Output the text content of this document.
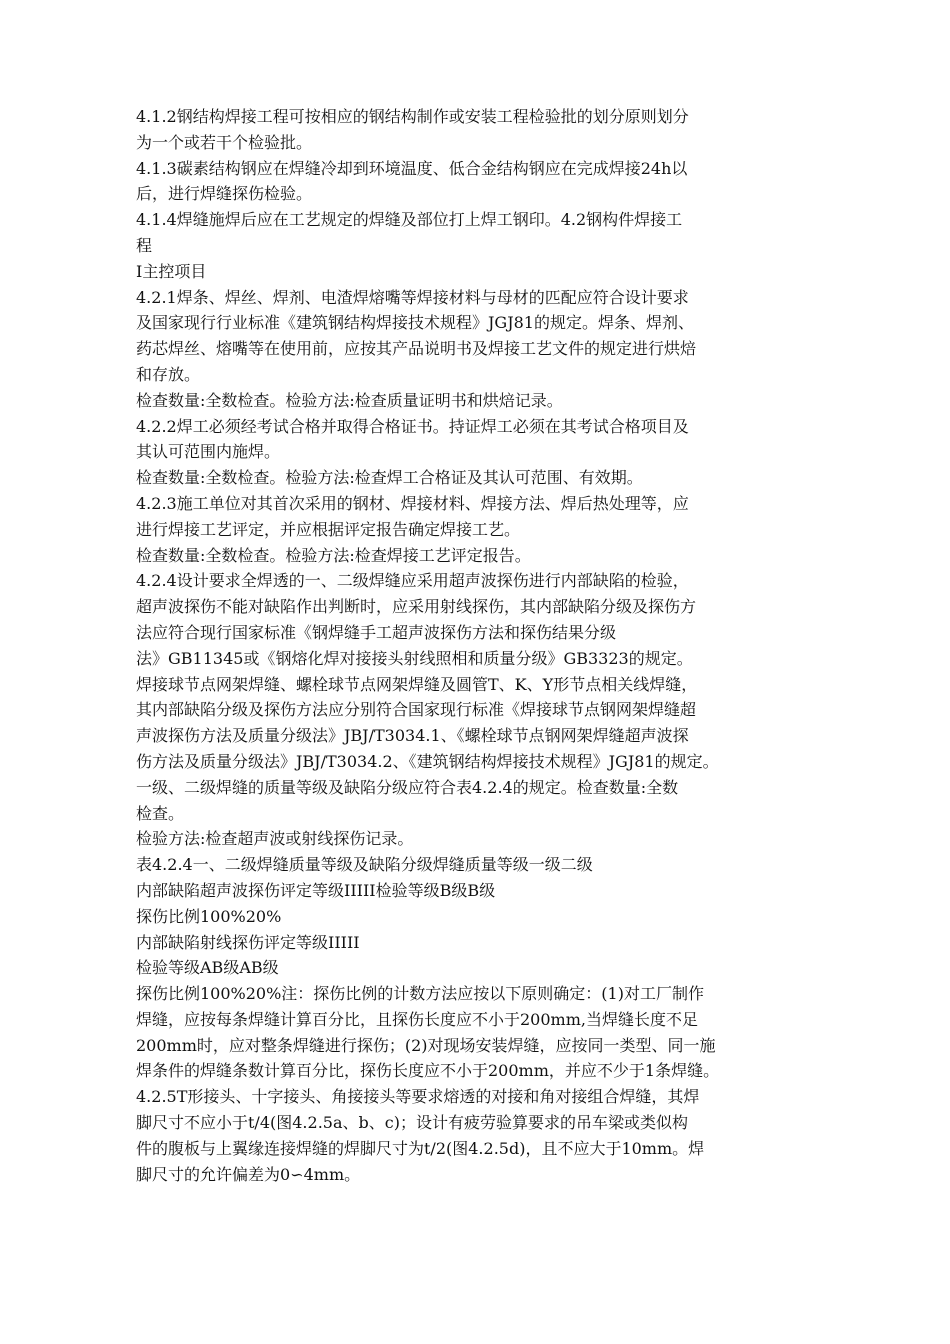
4.1.2钢结构焊接工程可按相应的钢结构制作或安装工程检验批的划分原则划分

为一个或若干个检验批。

4.1.3碳素结构钢应在焊缝冷却到环境温度、低合金结构钢应在完成焊接24h以

后，进行焊缝探伤检验。

4.1.4焊缝施焊后应在工艺规定的焊缝及部位打上焊工钢印。4.2钢构件焊接工

程

I主控项目

4.2.1焊条、焊丝、焊剂、电渣焊熔嘴等焊接材料与母材的匹配应符合设计要求

及国家现行行业标准《建筑钢结构焊接技术规程》JGJ81的规定。焊条、焊剂、

药芯焊丝、熔嘴等在使用前，应按其产品说明书及焊接工艺文件的规定进行烘焙

和存放。

检查数量:全数检查。检验方法:检查质量证明书和烘焙记录。

4.2.2焊工必须经考试合格并取得合格证书。持证焊工必须在其考试合格项目及

其认可范围内施焊。

检查数量:全数检查。检验方法:检查焊工合格证及其认可范围、有效期。

4.2.3施工单位对其首次采用的钢材、焊接材料、焊接方法、焊后热处理等，应

进行焊接工艺评定，并应根据评定报告确定焊接工艺。

检查数量:全数检查。检验方法:检查焊接工艺评定报告。

4.2.4设计要求全焊透的一、二级焊缝应采用超声波探伤进行内部缺陷的检验，

超声波探伤不能对缺陷作出判断时，应采用射线探伤，其内部缺陷分级及探伤方

法应符合现行国家标准《钢焊缝手工超声波探伤方法和探伤结果分级

法》GB11345或《钢熔化焊对接接头射线照相和质量分级》GB3323的规定。

焊接球节点网架焊缝、螺栓球节点网架焊缝及圆管T、K、Y形节点相关线焊缝，

其内部缺陷分级及探伤方法应分别符合国家现行标准《焊接球节点钢网架焊缝超

声波探伤方法及质量分级法》JBJ/T3034.1、《螺栓球节点钢网架焊缝超声波探

伤方法及质量分级法》JBJ/T3034.2、《建筑钢结构焊接技术规程》JGJ81的规定。

一级、二级焊缝的质量等级及缺陷分级应符合表4.2.4的规定。检查数量:全数

检查。

检验方法:检查超声波或射线探伤记录。

表4.2.4一、二级焊缝质量等级及缺陷分级焊缝质量等级一级二级

内部缺陷超声波探伤评定等级IIIII检验等级B级B级

探伤比例100%20%

内部缺陷射线探伤评定等级IIIII

检验等级AB级AB级

探伤比例100%20%注：探伤比例的计数方法应按以下原则确定：(1)对工厂制作

焊缝，应按每条焊缝计算百分比，且探伤长度应不小于200mm,当焊缝长度不足

200mm时，应对整条焊缝进行探伤；(2)对现场安装焊缝，应按同一类型、同一施

焊条件的焊缝条数计算百分比，探伤长度应不小于200mm，并应不少于1条焊缝。

4.2.5T形接头、十字接头、角接接头等要求熔透的对接和角对接组合焊缝，其焊

脚尺寸不应小于t/4(图4.2.5a、b、c)；设计有疲劳验算要求的吊车梁或类似构

件的腹板与上翼缘连接焊缝的焊脚尺寸为t/2(图4.2.5d)，且不应大于10mm。焊

脚尺寸的允许偏差为0∽4mm。
